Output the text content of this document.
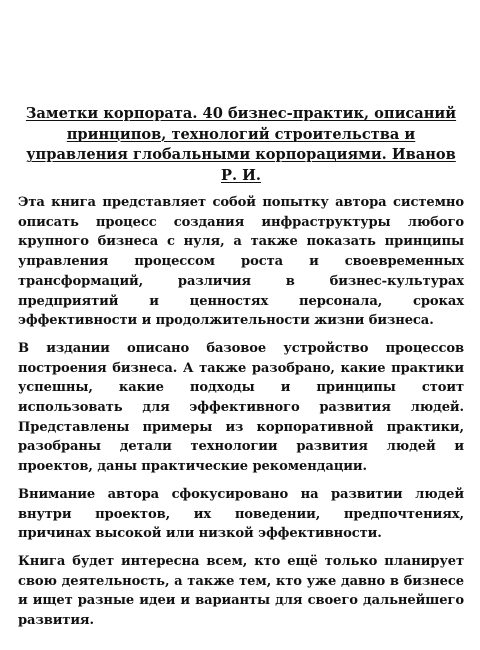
Заметки корпората. 40 бизнес-практик, описаний принципов, технологий строительства и управления глобальными корпорациями. Иванов Р. И.

Эта книга представляет собой попытку автора системно описать процесс создания инфраструктуры любого крупного бизнеса с нуля, а также показать принципы управления процессом роста и своевременных трансформаций, различия в бизнес-культурах предприятий и ценностях персонала, сроках эффективности и продолжительности жизни бизнеса.

В издании описано базовое устройство процессов построения бизнеса. А также разобрано, какие практики успешны, какие подходы и принципы стоит использовать для эффективного развития людей. Представлены примеры из корпоративной практики, разобраны детали технологии развития людей и проектов, даны практические рекомендации.

Внимание автора сфокусировано на развитии людей внутри проектов, их поведении, предпочтениях, причинах высокой или низкой эффективности.

Книга будет интересна всем, кто ещё только планирует свою деятельность, а также тем, кто уже давно в бизнесе и ищет разные идеи и варианты для своего дальнейшего развития.
